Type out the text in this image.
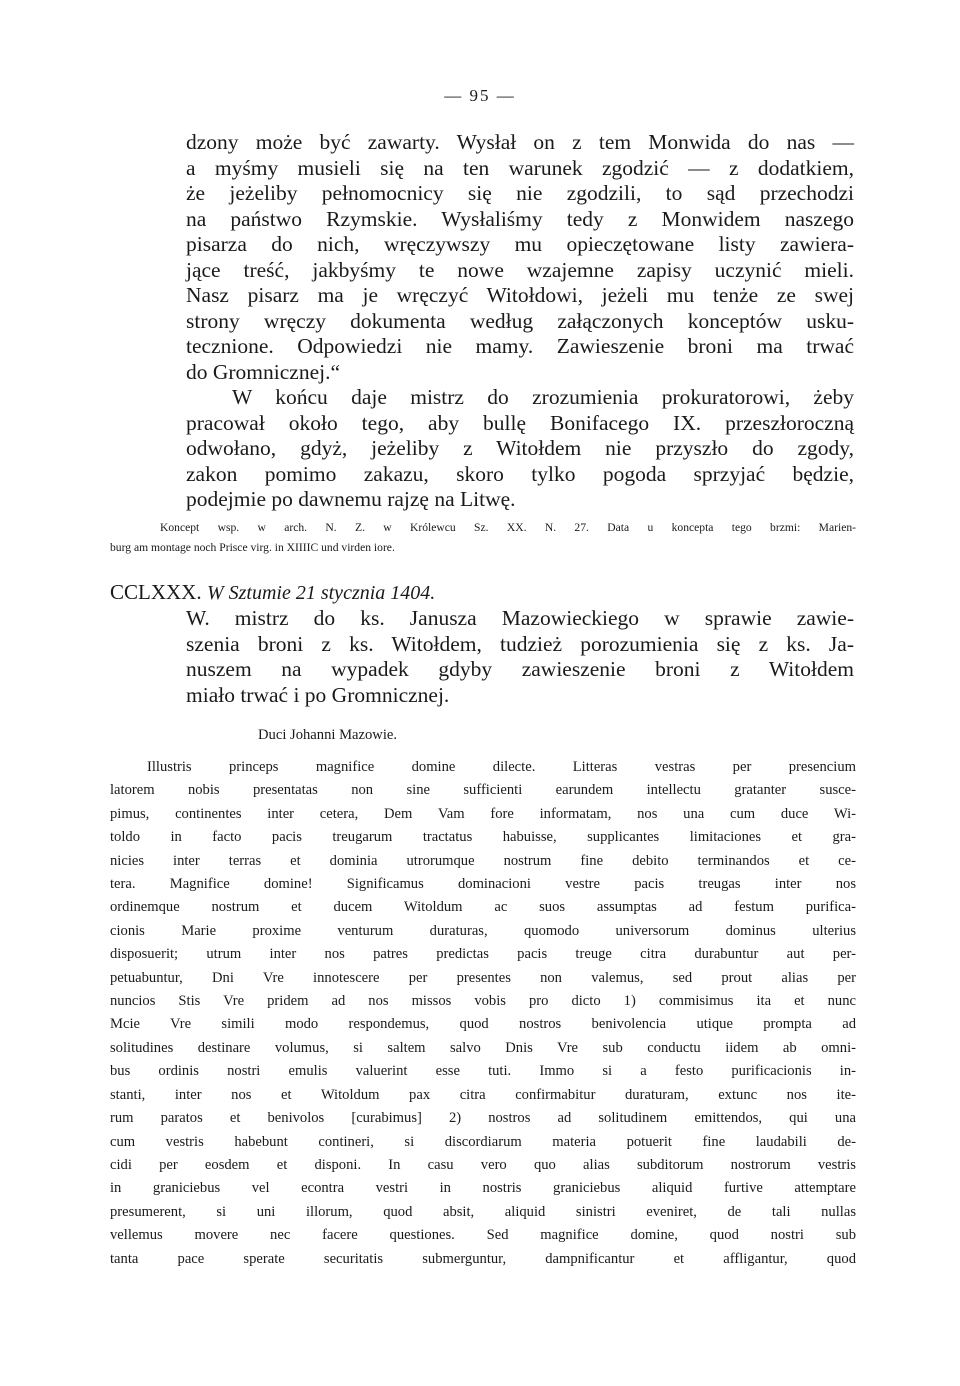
— 95 —
dzony może być zawarty. Wysłał on z tem Monwida do nas —
a myśmy musieli się na ten warunek zgodzić — z dodatkiem,
że jeżeliby pełnomocnicy się nie zgodzili, to sąd przechodzi
na państwo Rzymskie. Wysłaliśmy tedy z Monwidem naszego
pisarza do nich, wręczywszy mu opieczętowane listy zawiera-
jące treść, jakbyśmy te nowe wzajemne zapisy uczynić mieli.
Nasz pisarz ma je wręczyć Witołdowi, jeżeli mu tenże ze swej
strony wręczy dokumenta według załączonych konceptów usku-
tecznione. Odpowiedzi nie mamy. Zawieszenie broni ma trwać
do Gromnicznej.“
W końcu daje mistrz do zrozumienia prokuratorowi, żeby
pracował około tego, aby bullę Bonifacego IX. przeszłoroczną
odwołano, gdyż, jeżeliby z Witołdem nie przyszło do zgody,
zakon pomimo zakazu, skoro tylko pogoda sprzyjać będzie,
podejmie po dawnemu rajzę na Litwę.
Koncept wsp. w arch. N. Z. w Królewcu Sz. XX. N. 27. Data u koncepta tego brzmi: Marien-
burg am montage noch Prisce virg. in XIIIIC und virden iore.
CCLXXX. W Sztumie 21 stycznia 1404.
W. mistrz do ks. Janusza Mazowieckiego w sprawie zawie-
szenia broni z ks. Witołdem, tudzież porozumienia się z ks. Ja-
nuszem na wypadek gdyby zawieszenie broni z Witołdem
miało trwać i po Gromnicznej.
Duci Johanni Mazowie.
Illustris princeps magnifice domine dilecte. Litteras vestras per presencium
latorem nobis presentatas non sine sufficienti earundem intellectu gratanter susce-
pimus, continentes inter cetera, Dem Vam fore informatam, nos una cum duce Wi-
toldo in facto pacis treugarum tractatus habuisse, supplicantes limitaciones et gra-
nicies inter terras et dominia utrorumque nostrum fine debito terminandos et ce-
tera. Magnifice domine! Significamus dominacioni vestre pacis treugas inter nos
ordinemque nostrum et ducem Witoldum ac suos assumptas ad festum purifica-
cionis Marie proxime venturum duraturas, quomodo universorum dominus ulterius
disposuerit; utrum inter nos patres predictas pacis treuge citra durabuntur aut per-
petuabuntur, Dni Vre innotescere per presentes non valemus, sed prout alias per
nuncios Stis Vre pridem ad nos missos vobis pro dicto 1) commisimus ita et nunc
Mcie Vre simili modo respondemus, quod nostros benivolencia utique prompta ad
solitudines destinare volumus, si saltem salvo Dnis Vre sub conductu iidem ab omni-
bus ordinis nostri emulis valuerint esse tuti. Immo si a festo purificacionis in-
stanti, inter nos et Witoldum pax citra confirmabitur duraturam, extunc nos ite-
rum paratos et benivolos [curabimus] 2) nostros ad solitudinem emittendos, qui una
cum vestris habebunt contineri, si discordiarum materia potuerit fine laudabili de-
cidi per eosdem et disponi. In casu vero quo alias subditorum nostrorum vestris
in graniciebus vel econtra vestri in nostris graniciebus aliquid furtive attemptare
presumerent, si uni illorum, quod absit, aliquid sinistri eveniret, de tali nullas
vellemus movere nec facere questiones. Sed magnifice domine, quod nostri sub
tanta pace sperate securitatis submerguntur, dampnificantur et affligantur, quod
